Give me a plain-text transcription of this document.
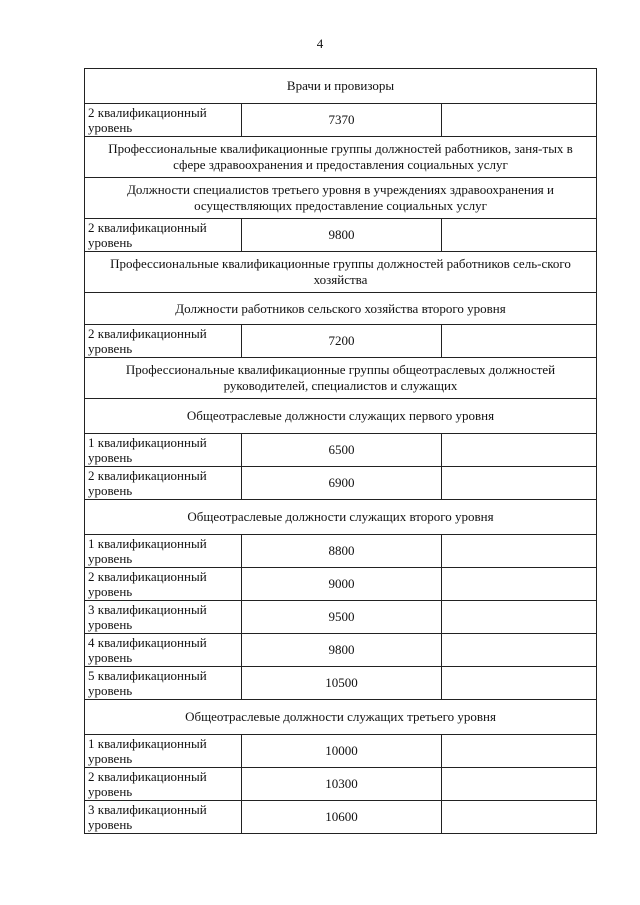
4
Врачи и провизоры		
2 квалификационный уровень	7370	
Профессиональные квалификационные группы должностей работников, заня-тых в сфере здравоохранения и предоставления социальных услуг		
Должности специалистов третьего уровня в учреждениях здравоохранения и осуществляющих предоставление социальных услуг		
2 квалификационный уровень	9800	
Профессиональные квалификационные группы должностей работников сель-ского хозяйства		
Должности работников сельского хозяйства второго уровня		
2 квалификационный уровень	7200	
Профессиональные квалификационные группы общеотраслевых должностей руководителей, специалистов и служащих		
Общеотраслевые должности служащих первого уровня		
1 квалификационный уровень	6500	
2 квалификационный уровень	6900	
Общеотраслевые должности служащих второго уровня		
1 квалификационный уровень	8800	
2 квалификационный уровень	9000	
3 квалификационный уровень	9500	
4 квалификационный уровень	9800	
5 квалификационный уровень	10500	
Общеотраслевые должности служащих третьего уровня		
1 квалификационный уровень	10000	
2 квалификационный уровень	10300	
3 квалификационный уровень	10600	
